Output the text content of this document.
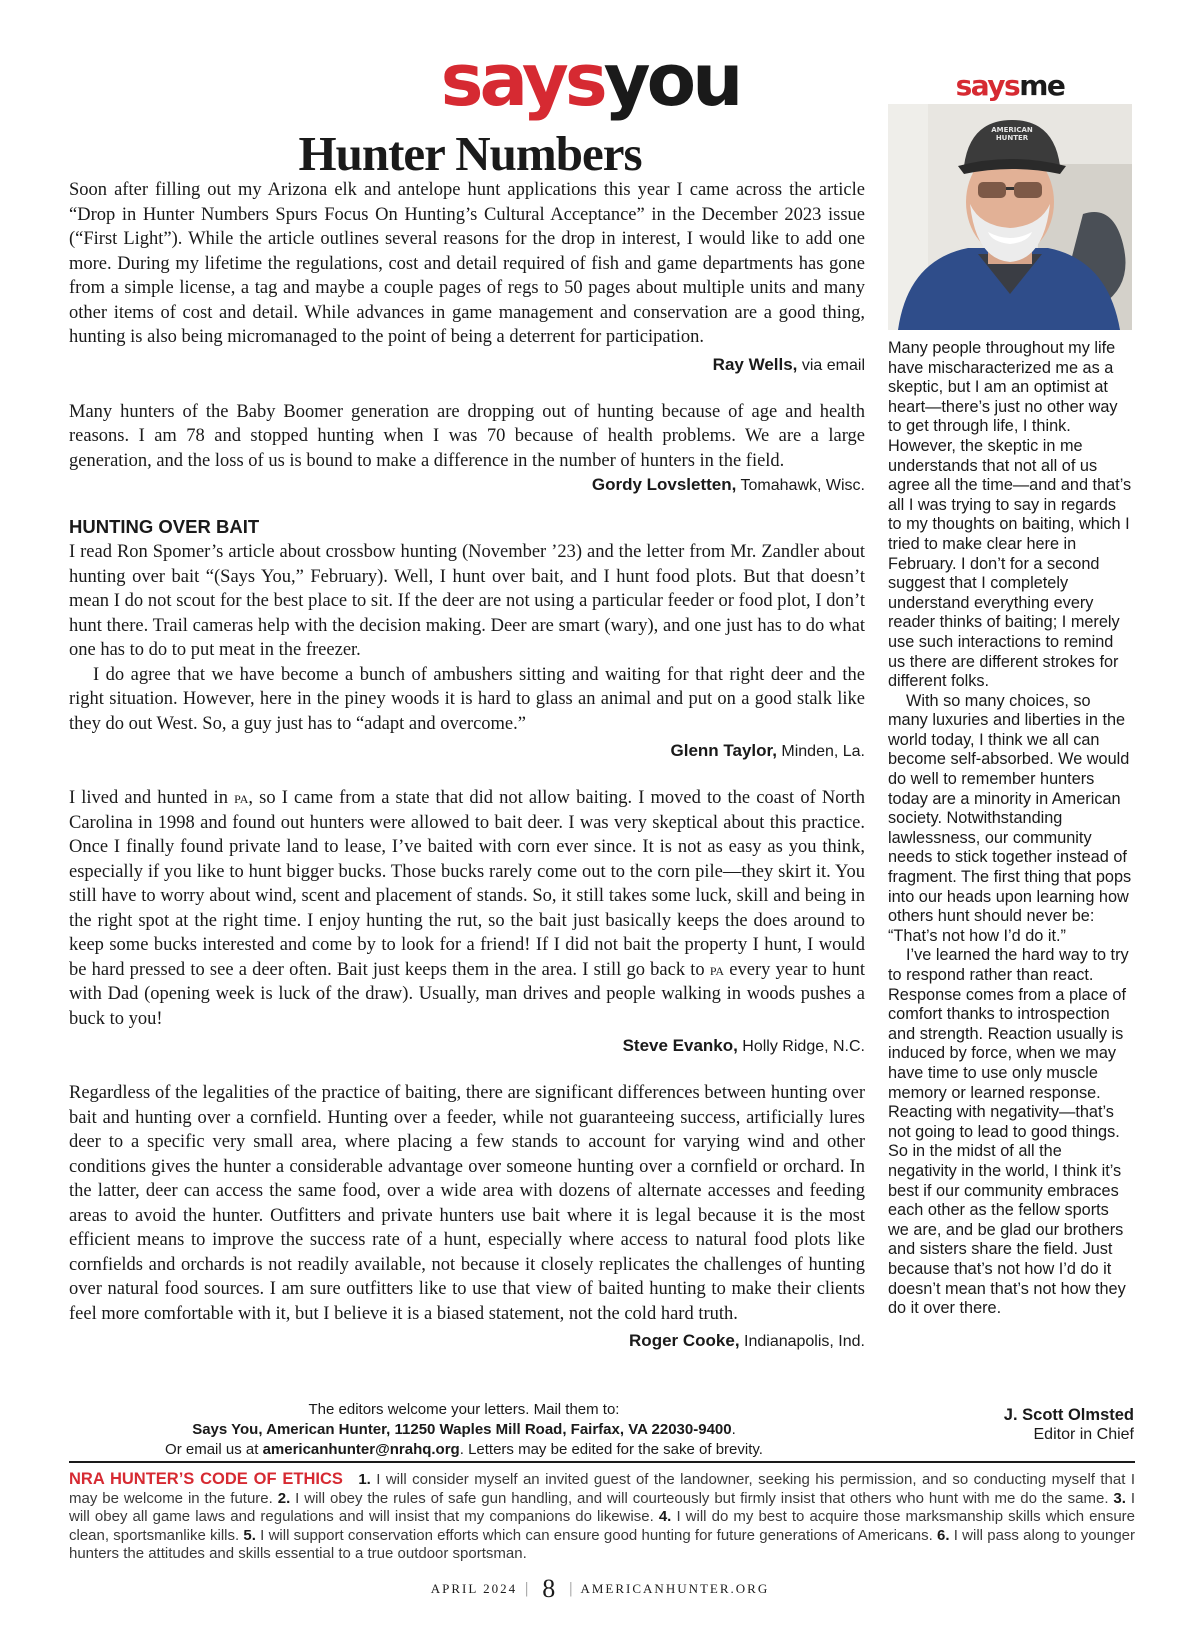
saysyou
Hunter Numbers

Soon after filling out my Arizona elk and antelope hunt applications this year I came across the article “Drop in Hunter Numbers Spurs Focus On Hunting’s Cultural Acceptance” in the December 2023 issue (“First Light”). While the article outlines several reasons for the drop in interest, I would like to add one more. During my lifetime the regulations, cost and detail required of fish and game departments has gone from a simple license, a tag and maybe a couple pages of regs to 50 pages about multiple units and many other items of cost and detail. While advances in game management and conservation are a good thing, hunting is also being micromanaged to the point of being a deterrent for participation.

Ray Wells, via email

Many hunters of the Baby Boomer generation are dropping out of hunting because of age and health reasons. I am 78 and stopped hunting when I was 70 because of health problems. We are a large generation, and the loss of us is bound to make a difference in the number of hunters in the field.

Gordy Lovsletten, Tomahawk, Wisc.
HUNTING OVER BAIT

I read Ron Spomer’s article about crossbow hunting (November ’23) and the letter from Mr. Zandler about hunting over bait “(Says You,” February). Well, I hunt over bait, and I hunt food plots. But that doesn’t mean I do not scout for the best place to sit. If the deer are not using a particular feeder or food plot, I don’t hunt there. Trail cameras help with the decision making. Deer are smart (wary), and one just has to do what one has to do to put meat in the freezer.

I do agree that we have become a bunch of ambushers sitting and waiting for that right deer and the right situation. However, here in the piney woods it is hard to glass an animal and put on a good stalk like they do out West. So, a guy just has to “adapt and overcome.”

Glenn Taylor, Minden, La.

I lived and hunted in pa, so I came from a state that did not allow baiting. I moved to the coast of North Carolina in 1998 and found out hunters were allowed to bait deer. I was very skeptical about this practice. Once I finally found private land to lease, I’ve baited with corn ever since. It is not as easy as you think, especially if you like to hunt bigger bucks. Those bucks rarely come out to the corn pile—they skirt it. You still have to worry about wind, scent and placement of stands. So, it still takes some luck, skill and being in the right spot at the right time. I enjoy hunting the rut, so the bait just basically keeps the does around to keep some bucks interested and come by to look for a friend! If I did not bait the property I hunt, I would be hard pressed to see a deer often. Bait just keeps them in the area. I still go back to pa every year to hunt with Dad (opening week is luck of the draw). Usually, man drives and people walking in woods pushes a buck to you!

Steve Evanko, Holly Ridge, N.C.

Regardless of the legalities of the practice of baiting, there are significant differences between hunting over bait and hunting over a cornfield. Hunting over a feeder, while not guaranteeing success, artificially lures deer to a specific very small area, where placing a few stands to account for varying wind and other conditions gives the hunter a considerable advantage over someone hunting over a cornfield or orchard. In the latter, deer can access the same food, over a wide area with dozens of alternate accesses and feeding areas to avoid the hunter. Outfitters and private hunters use bait where it is legal because it is the most efficient means to improve the success rate of a hunt, especially where access to natural food plots like cornfields and orchards is not readily available, not because it closely replicates the challenges of hunting over natural food sources. I am sure outfitters like to use that view of baited hunting to make their clients feel more comfortable with it, but I believe it is a biased statement, not the cold hard truth.

Roger Cooke, Indianapolis, Ind.
saysme
AMERICAN HUNTER

Many people throughout my life have mischaracterized me as a skeptic, but I am an optimist at heart—there’s just no other way to get through life, I think. However, the skeptic in me understands that not all of us agree all the time—and and that’s all I was trying to say in regards to my thoughts on baiting, which I tried to make clear here in February. I don’t for a second suggest that I completely understand everything every reader thinks of baiting; I merely use such interactions to remind us there are different strokes for different folks.

With so many choices, so many luxuries and liberties in the world today, I think we all can become self-absorbed. We would do well to remember hunters today are a minority in American society. Notwithstanding lawlessness, our community needs to stick together instead of fragment. The first thing that pops into our heads upon learning how others hunt should never be: “That’s not how I’d do it.”

I’ve learned the hard way to try to respond rather than react. Response comes from a place of comfort thanks to introspection and strength. Reaction usually is induced by force, when we may have time to use only muscle memory or learned response. Reacting with negativity—that’s not going to lead to good things. So in the midst of all the negativity in the world, I think it’s best if our community embraces each other as the fellow sports we are, and be glad our brothers and sisters share the field. Just because that’s not how I’d do it doesn’t mean that’s not how they do it over there.

J. Scott Olmsted
Editor in Chief
The editors welcome your letters. Mail them to:
Says You, American Hunter, 11250 Waples Mill Road, Fairfax, VA 22030-9400.
Or email us at americanhunter@nrahq.org. Letters may be edited for the sake of brevity.
NRA HUNTER’S CODE OF ETHICS 1. I will consider myself an invited guest of the landowner, seeking his permission, and so conducting myself that I may be welcome in the future. 2. I will obey the rules of safe gun handling, and will courteously but firmly insist that others who hunt with me do the same. 3. I will obey all game laws and regulations and will insist that my companions do likewise. 4. I will do my best to acquire those marksmanship skills which ensure clean, sportsmanlike kills. 5. I will support conservation efforts which can ensure good hunting for future generations of Americans. 6. I will pass along to younger hunters the attitudes and skills essential to a true outdoor sportsman.
APRIL 2024 | 8 | AMERICANHUNTER.ORG
